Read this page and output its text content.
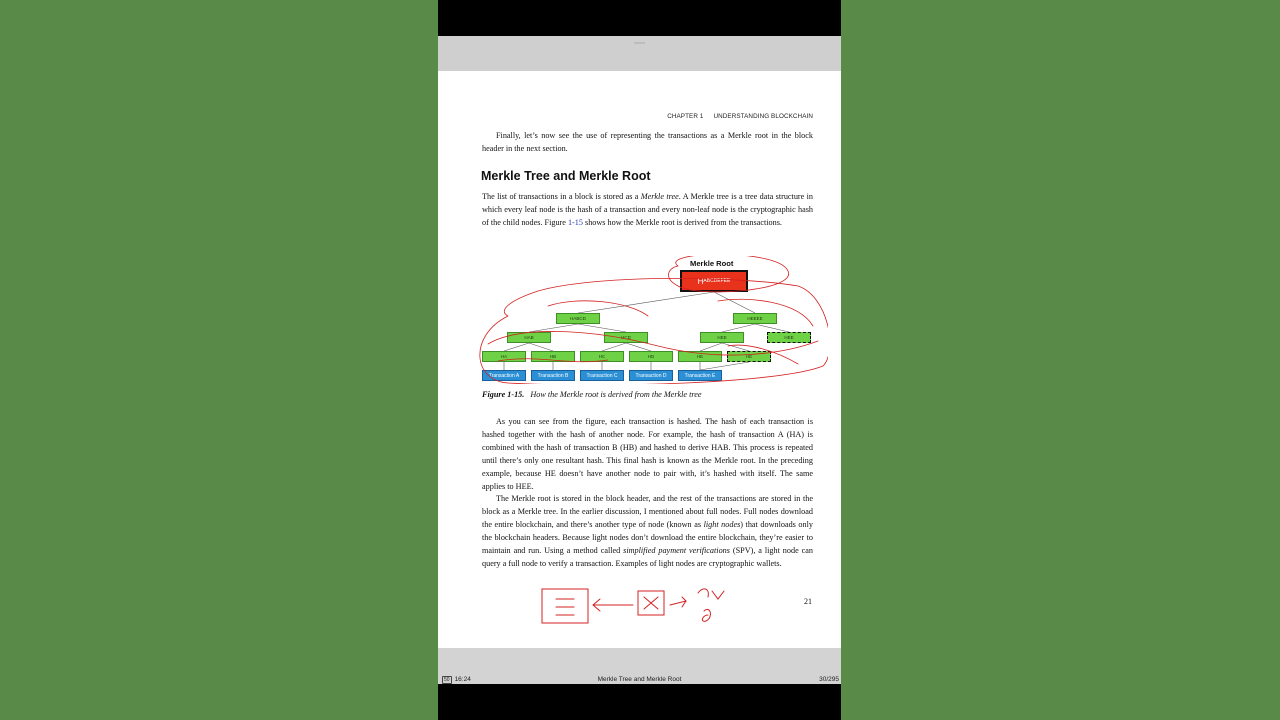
CHAPTER 1 UNDERSTANDING BLOCKCHAIN

Finally, let’s now see the use of representing the transactions as a Merkle root in the block header in the next section.

Merkle Tree and Merkle Root

The list of transactions in a block is stored as a Merkle tree. A Merkle tree is a tree data structure in which every leaf node is the hash of a transaction and every non-leaf node is the cryptographic hash of the child nodes. Figure 1-15 shows how the Merkle root is derived from the transactions.

Merkle Root
H ABCDEFEE
HABCD	HEEEE
HAB	HCD	HEE	HEE
HA	HB	HC	HD	HE	HE
Transaction A	Transaction B	Transaction C	Transaction D	Transaction E
Figure 1-15. How the Merkle root is derived from the Merkle tree

As you can see from the figure, each transaction is hashed. The hash of each transaction is hashed together with the hash of another node. For example, the hash of transaction A (HA) is combined with the hash of transaction B (HB) and hashed to derive HAB. This process is repeated until there’s only one resultant hash. This final hash is known as the Merkle root. In the preceding example, because HE doesn’t have another node to pair with, it’s hashed with itself. The same applies to HEE.

The Merkle root is stored in the block header, and the rest of the transactions are stored in the block as a Merkle tree. In the earlier discussion, I mentioned about full nodes. Full nodes download the entire blockchain, and there’s another type of node (known as light nodes) that downloads only the blockchain headers. Because light nodes don’t download the entire blockchain, they’re easier to maintain and run. Using a method called simplified payment verifications (SPV), a light node can query a full node to verify a transaction. Examples of light nodes are cryptographic wallets.

21
50 16:24	Merkle Tree and Merkle Root	30/295
